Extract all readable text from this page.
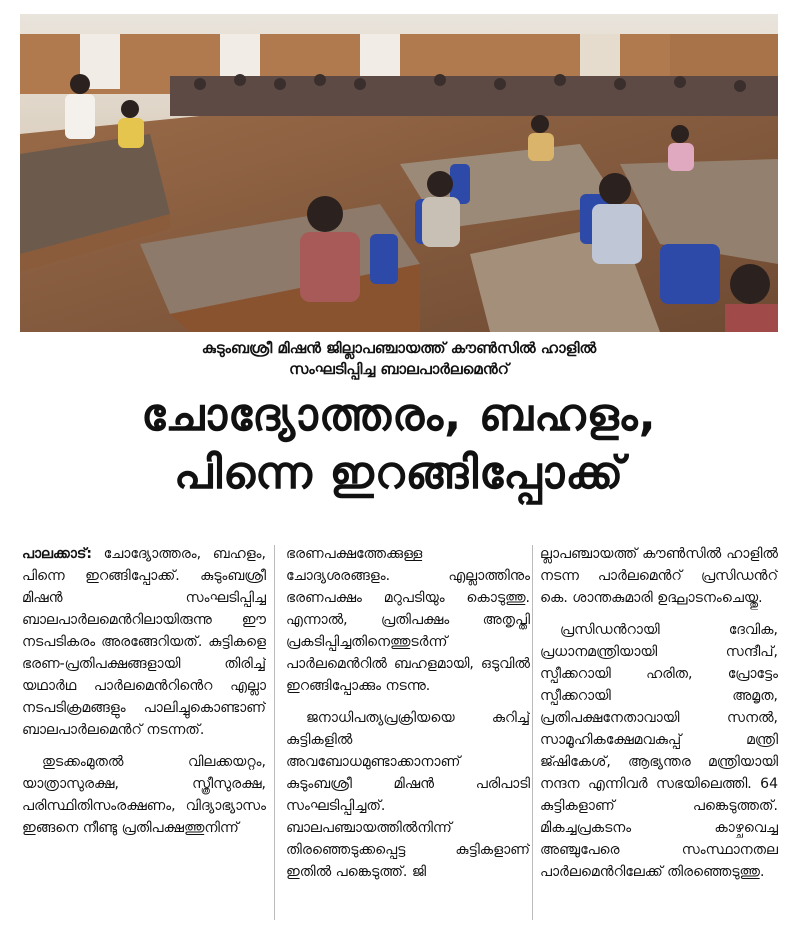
കുടുംബശ്രീ മിഷൻ ജില്ലാപഞ്ചായത്ത് കൗൺസിൽ ഹാളിൽ
സംഘടിപ്പിച്ച ബാലപാർലമെൻറ്
ചോദ്യോത്തരം, ബഹളം,
പിന്നെ ഇറങ്ങിപ്പോക്ക്

പാലക്കാട്: ചോദ്യോത്തരം, ബഹളം, പിന്നെ ഇറങ്ങിപ്പോക്ക്. കുടുംബശ്രീ മിഷൻ സംഘടിപ്പിച്ച ബാലപാർലമെൻറിലായിരുന്നു ഈ നടപടികരം അരങ്ങേറിയത്. കുട്ടികളെ ഭരണ-പ്രതിപക്ഷങ്ങളായി തിരിച്ച് യഥാർഥ പാർലമെൻറിൻെറ എല്ലാ നടപടിക്രമങ്ങളും പാലിച്ചുകൊണ്ടാണ് ബാലപാർലമെൻറ് നടന്നത്.

തുടക്കംമുതൽ വിലക്കയറ്റം, യാത്രാസുരക്ഷ, സ്ത്രീസുരക്ഷ, പരിസ്ഥിതിസംരക്ഷണം, വിദ്യാഭ്യാസം ഇങ്ങനെ നീണ്ടു പ്രതിപക്ഷത്തുനിന്ന്

ഭരണപക്ഷത്തേക്കുള്ള ചോദ്യശരങ്ങളം. എല്ലാത്തിനും ഭരണപക്ഷം മറുപടിയും കൊടുത്തു. എന്നാൽ, പ്രതിപക്ഷം അതൃപ്തി പ്രകടിപ്പിച്ചതിനെത്തുടർന്ന് പാർലമെൻറിൽ ബഹളമായി, ഒടുവിൽ ഇറങ്ങിപ്പോക്കും നടന്നു.

ജനാധിപത്യപ്രക്രിയയെ കുറിച്ച് കുട്ടികളിൽ അവബോധമുണ്ടാക്കാനാണ് കുടുംബശ്രീ മിഷൻ പരിപാടി സംഘടിപ്പിച്ചത്. ബാലപഞ്ചായത്തിൽനിന്ന് തിരഞ്ഞെടുക്കപ്പെട്ട കുട്ടികളാണ് ഇതിൽ പങ്കെടുത്ത്. ജി

ല്ലാപഞ്ചായത്ത് കൗൺസിൽ ഹാളിൽ നടന്ന പാർലമെൻറ് പ്രസിഡൻറ് കെ. ശാന്തകുമാരി ഉദ്ഘാടനംചെയ്തു.

പ്രസിഡൻറായി ദേവിക, പ്രധാനമന്ത്രിയായി സന്ദീപ്, സ്പീക്കറായി ഹരിത, പ്രോട്ടേം സ്പീക്കറായി അമൃത, പ്രതിപക്ഷനേതാവായി സനൽ, സാമൂഹികക്ഷേമവകുപ്പ് മന്ത്രി ജ്ഷികേശ്, ആഭ്യന്തര മന്ത്രിയായി നന്ദന എന്നിവർ സഭയിലെത്തി. 64 കുട്ടികളാണ് പങ്കെടുത്തത്. മികച്ചപ്രകടനം കാഴ്ചവെച്ച അഞ്ചുപേരെ സംസ്ഥാനതല പാർലമെൻറിലേക്ക് തിരഞ്ഞെടുത്തു.
